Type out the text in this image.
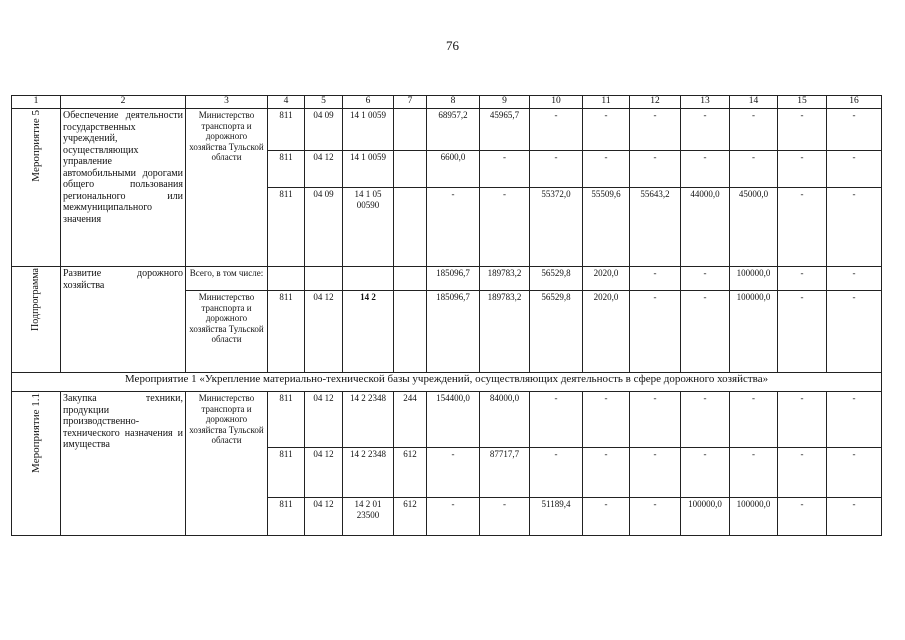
76
1	2	3	4	5	6	7	8	9	10	11	12	13	14	15	16
Мероприятие 5	Обеспечение деятельности государственных учреждений, осуществляющих управление автомобильными дорогами общего пользования регионального или межмуниципального значения	Министерство транспорта и дорожного хозяйства Тульской области	811	04 09	14 1 0059		68957,2	45965,7	-	-	-	-	-	-	-
			811	04 12	14 1 0059		6600,0	-	-	-	-	-	-	-	-
			811	04 09	14 1 05 00590		-	-	55372,0	55509,6	55643,2	44000,0	45000,0	-	-
Подпрограмма	Развитие дорожного хозяйства	Всего, в том числе:					185096,7	189783,2	56529,8	2020,0	-	-	100000,0	-	-
		Министерство транспорта и дорожного хозяйства Тульской области	811	04 12	14 2		185096,7	189783,2	56529,8	2020,0	-	-	100000,0	-	-
Мероприятие 1 «Укрепление материально-технической базы учреждений, осуществляющих деятельность в сфере дорожного хозяйства»															
Мероприятие 1.1	Закупка техники, продукции производственно-технического назначения и имущества	Министерство транспорта и дорожного хозяйства Тульской области	811	04 12	14 2 2348	244	154400,0	84000,0	-	-	-	-	-	-	-
			811	04 12	14 2 2348	612	-	87717,7	-	-	-	-	-	-	-
			811	04 12	14 2 01 23500	612	-	-	51189,4	-	-	100000,0	100000,0	-	-
